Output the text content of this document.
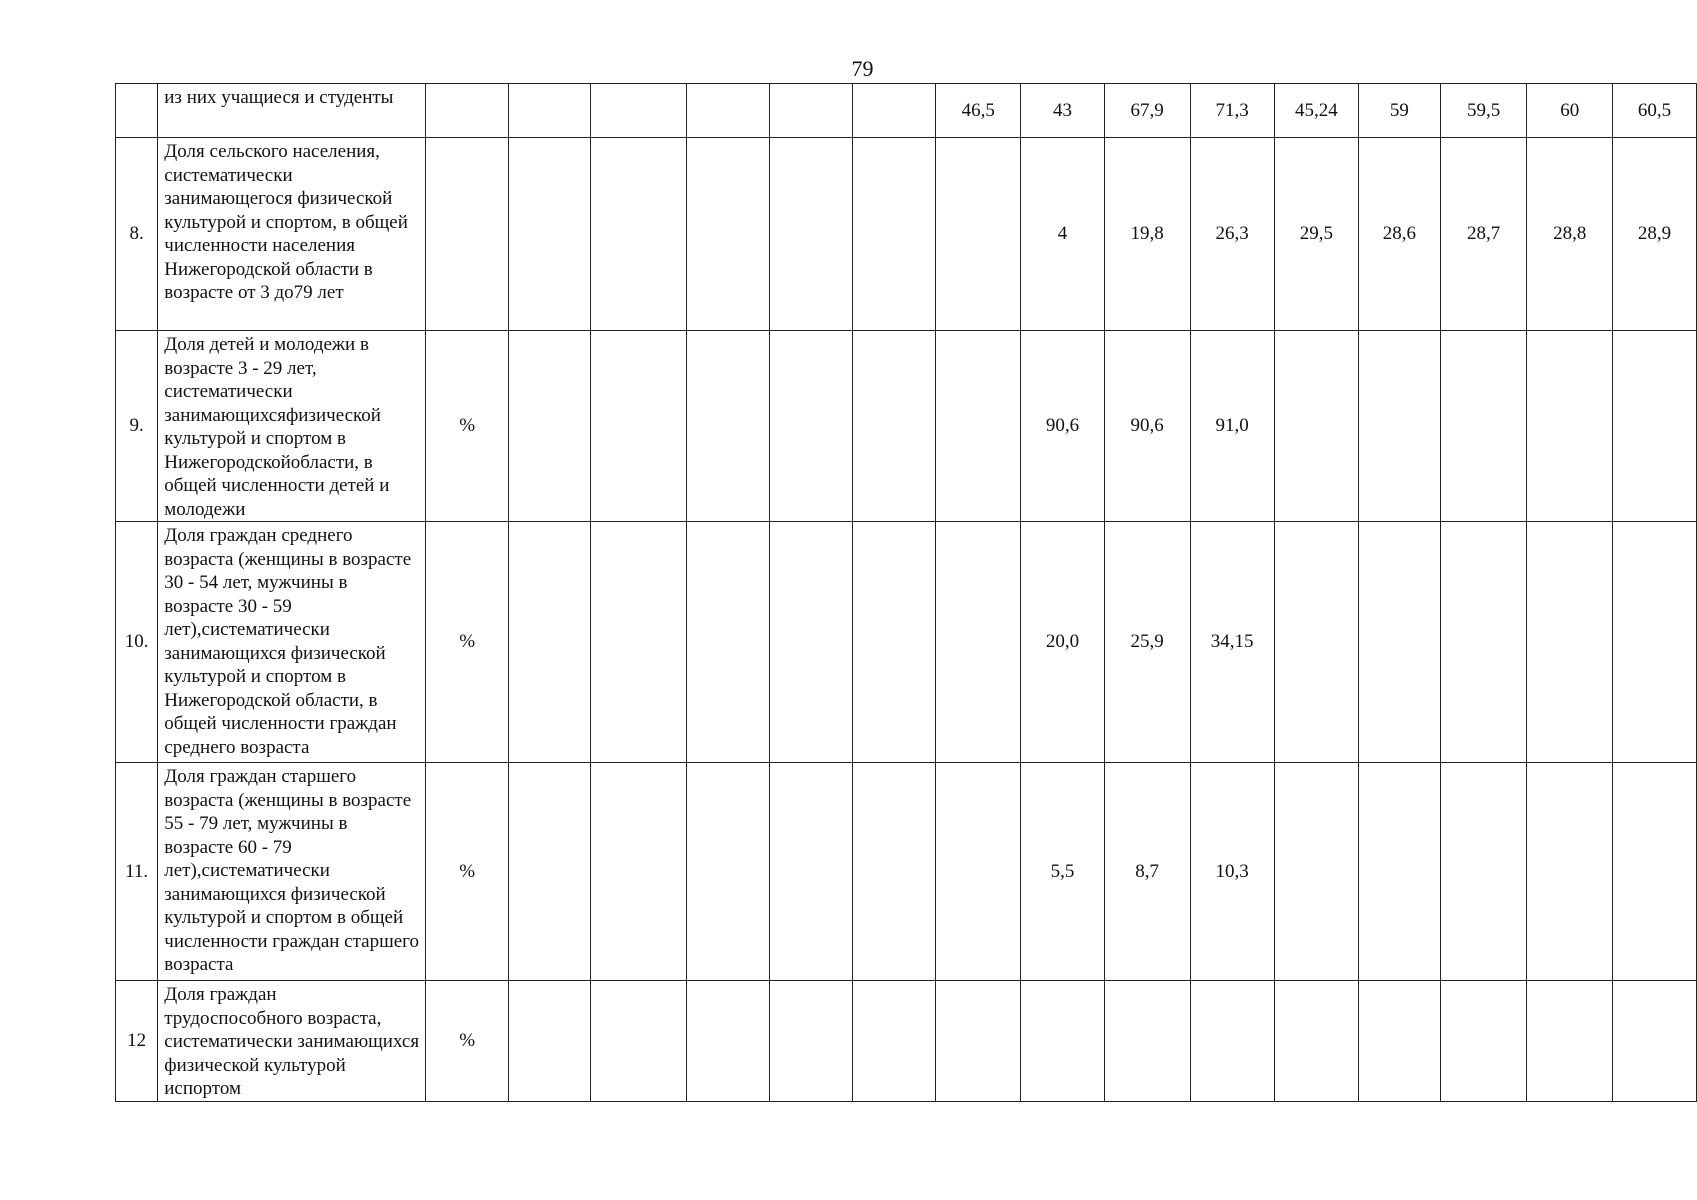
79
	из них учащиеся и студенты							46,5	43	67,9	71,3	45,24	59	59,5	60	60,5
8.	Доля сельского населения, систематически занимающегося физической культурой и спортом, в общей численности населения Нижегородской области в возрасте от 3 до79 лет								4	19,8	26,3	29,5	28,6	28,7	28,8	28,9
9.	Доля детей и молодежи в возрасте 3 - 29 лет, систематически занимающихсяфизической культурой и спортом в Нижегородскойобласти, в общей численности детей и молодежи	%							90,6	90,6	91,0					
10.	Доля граждан среднего возраста (женщины в возрасте 30 - 54 лет, мужчины в возрасте 30 - 59 лет),систематически занимающихся физической культурой и спортом в Нижегородской области, в общей численности граждан среднего возраста	%							20,0	25,9	34,15					
11.	Доля граждан старшего возраста (женщины в возрасте 55 - 79 лет, мужчины в возрасте 60 - 79 лет),систематически занимающихся физической культурой и спортом в общей численности граждан старшего возраста	%							5,5	8,7	10,3					
12	Доля граждан трудоспособного возраста, систематически занимающихся физической культурой испортом	%														
